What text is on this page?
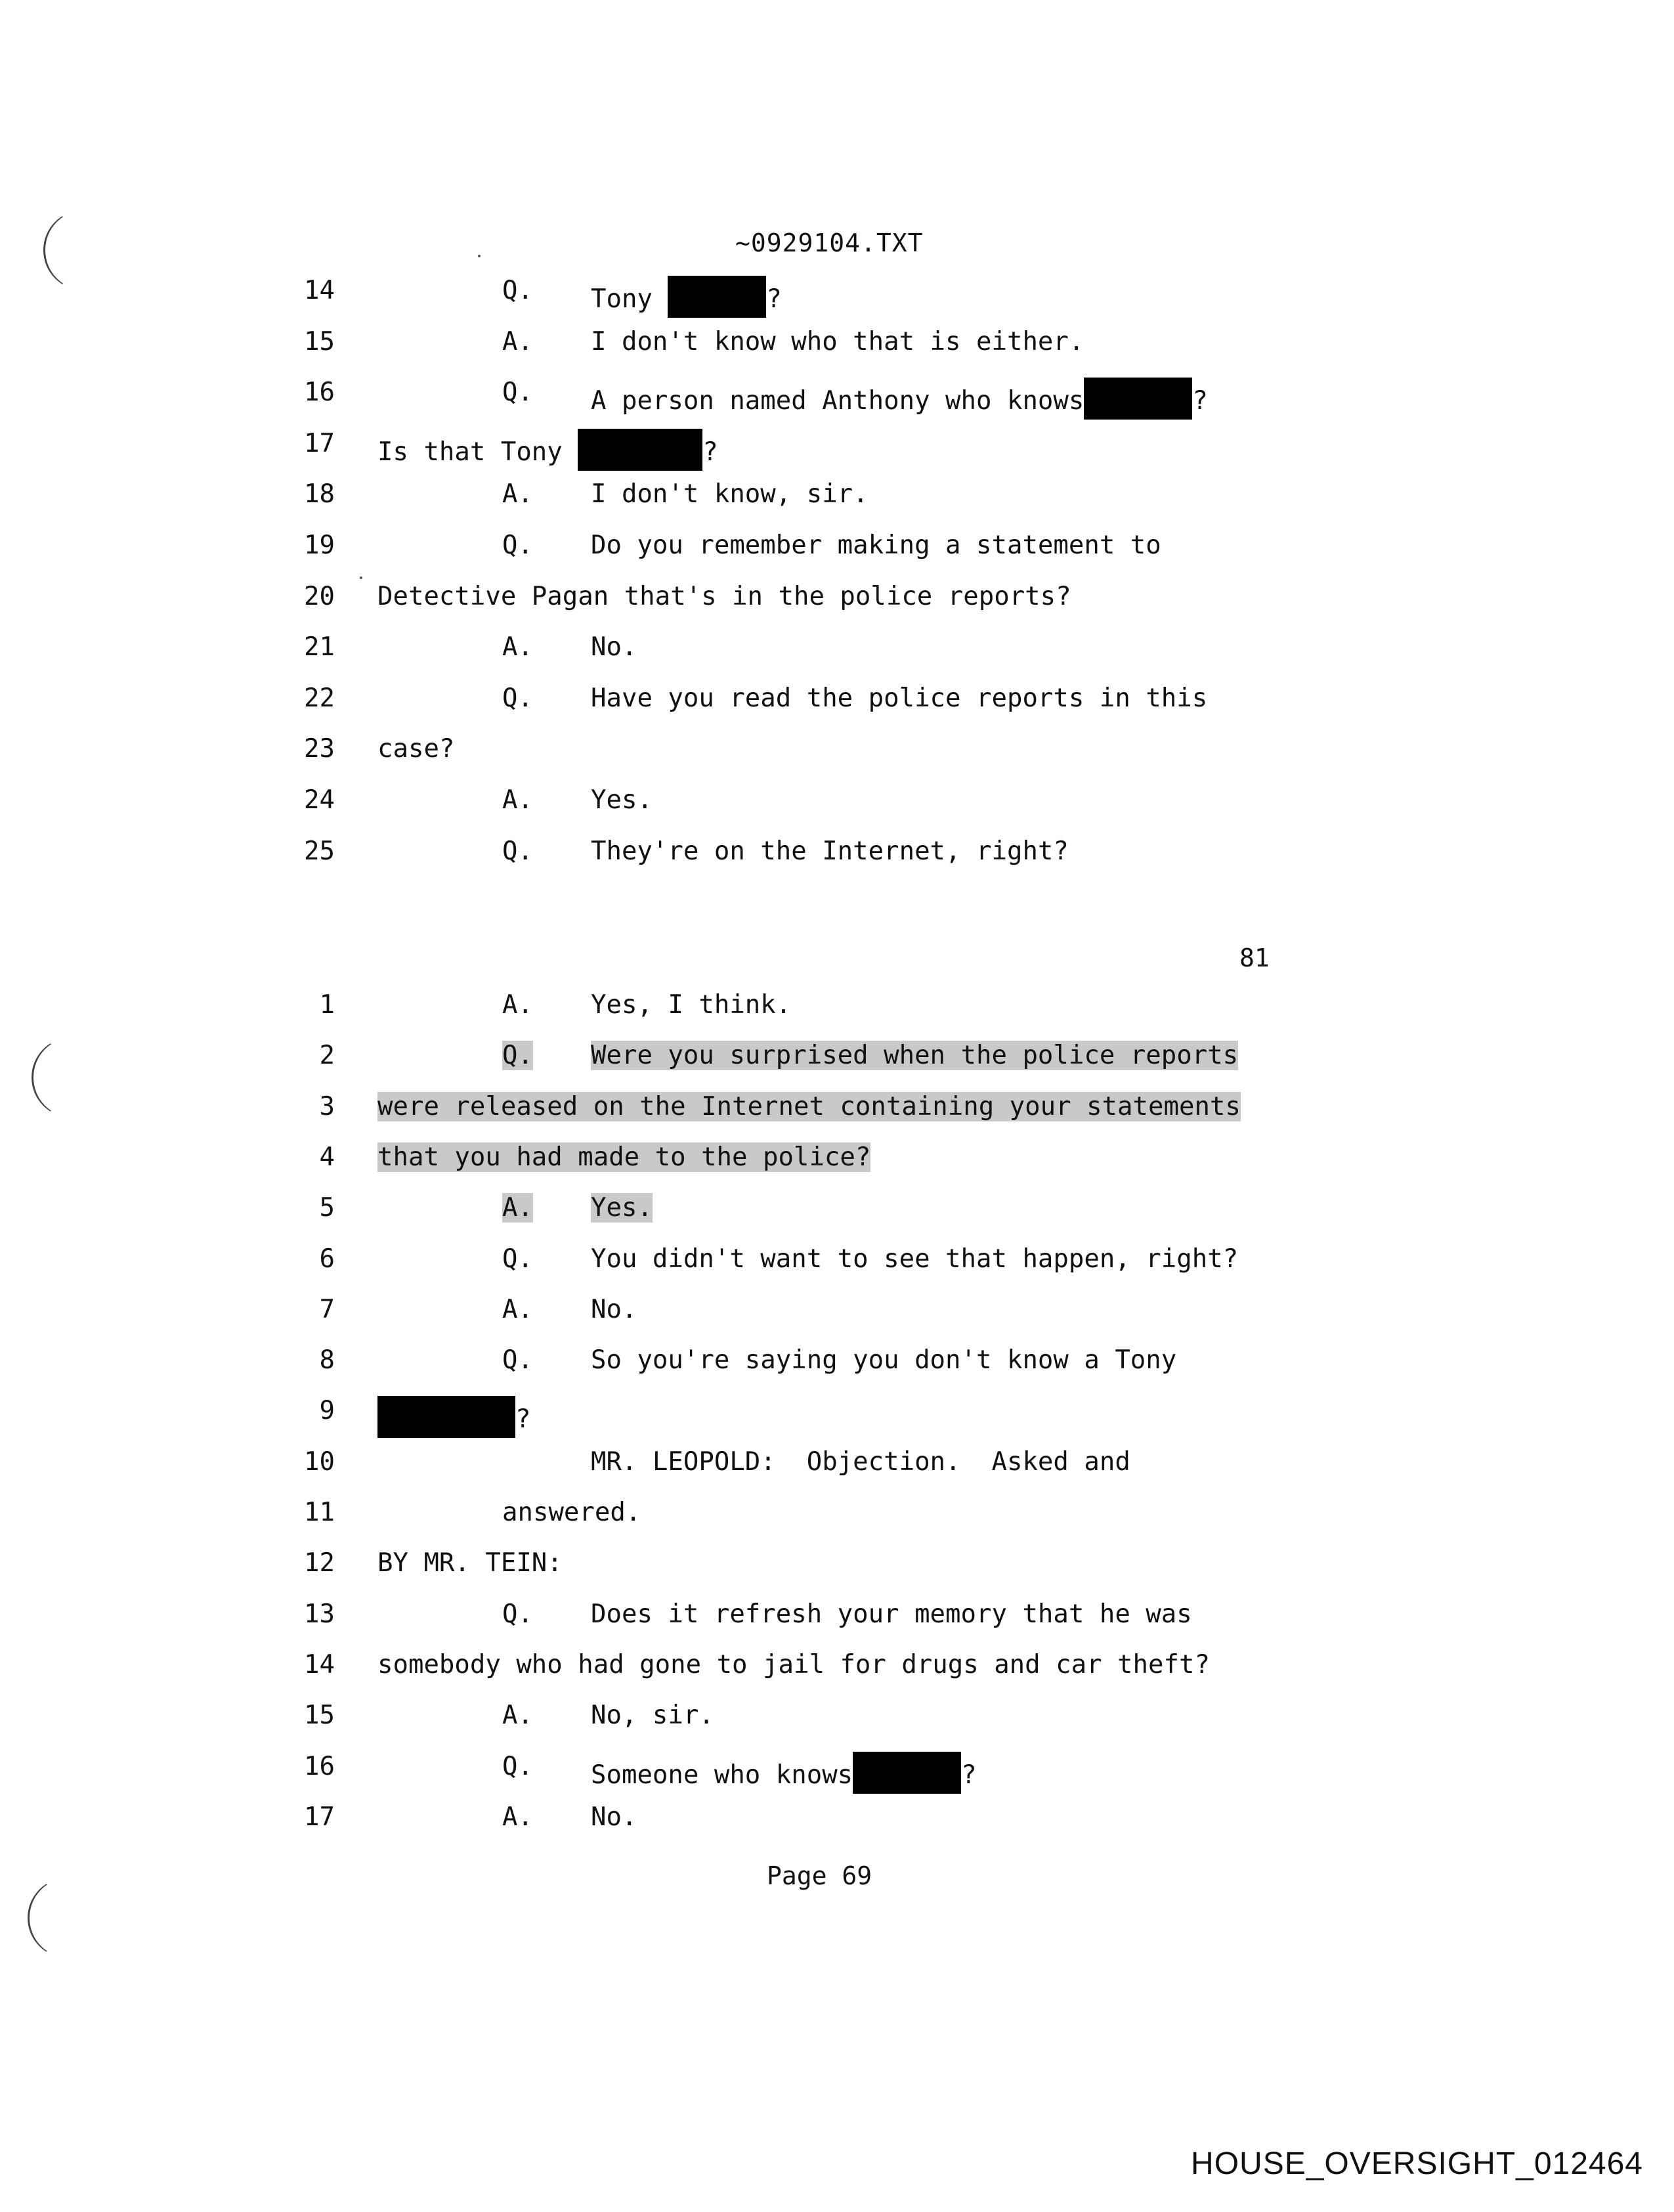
~0929104.TXT
14	Q. Tony	?
15	A. I don't know who that is either.
16	Q. A person named Anthony who knows	?
17 Is that Tony	?
18	A. I don't know, sir.
19	Q. Do you remember making a statement to
20 Detective Pagan that's in the police reports?
21	A. No.
22	Q. Have you read the police reports in this
23 case?
24	A. Yes.
25	Q. They're on the Internet, right?
81
1	A. Yes, I think.
2	Q. Were you surprised when the police reports
3 were released on the Internet containing your statements
4 that you had made to the police?
5	A. Yes.
6	Q. You didn't want to see that happen, right?
7	A. No.
8	Q. So you're saying you don't know a Tony
9	?
10	MR. LEOPOLD:  Objection.  Asked and
11	answered.
12 BY MR. TEIN:
13	Q. Does it refresh your memory that he was
14 somebody who had gone to jail for drugs and car theft?
15	A. No, sir.
16	Q. Someone who knows	?
17	A. No.
Page 69
HOUSE_OVERSIGHT_012464
